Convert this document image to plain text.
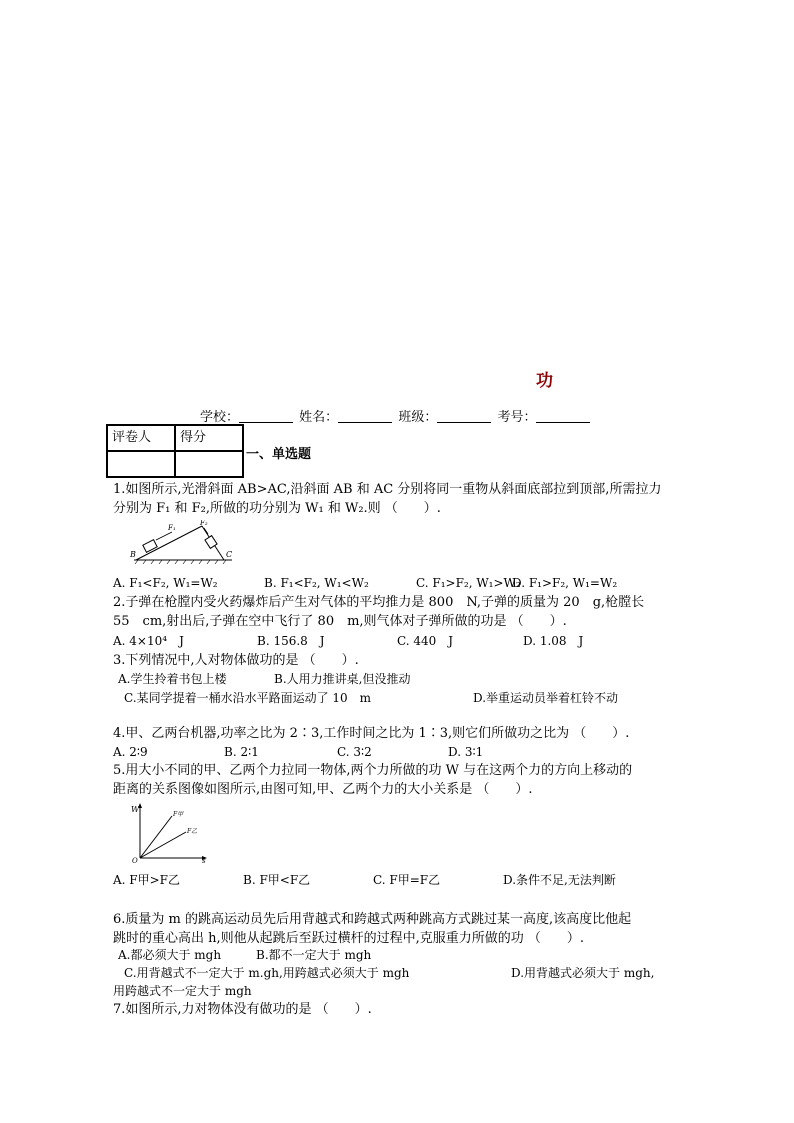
功
学校：	姓名：	班级：	考号：
评卷人	得分

一、单选题
1.如图所示,光滑斜面 AB>AC,沿斜面 AB 和 AC 分别将同一重物从斜面底部拉到顶部,所需拉力
分别为 F₁ 和 F₂,所做的功分别为 W₁ 和 W₂.则 （　　）.
B	C
F₁
F₂
A. F₁<F₂, W₁=W₂	B. F₁<F₂, W₁<W₂	C. F₁>F₂, W₁>W₂
D. F₁>F₂, W₁=W₂
2.子弹在枪膛内受火药爆炸后产生对气体的平均推力是 800　N,子弹的质量为 20　g,枪膛长
55　cm,射出后,子弹在空中飞行了 80　m,则气体对子弹所做的功是 （　　）.
A. 4×10⁴　J	B. 156.8　J	C. 440　J	D. 1.08　J
3.下列情况中,人对物体做功的是 （　　）.
A.学生拎着书包上楼	B.人用力推讲桌,但没推动
C.某同学提着一桶水沿水平路面运动了 10　m	D.举重运动员举着杠铃不动
4.甲、乙两台机器,功率之比为 2∶3,工作时间之比为 1∶3,则它们所做功之比为 （　　）.
A. 2∶9	B. 2∶1	C. 3∶2	D. 3∶1
5.用大小不同的甲、乙两个力拉同一物体,两个力所做的功 W 与在这两个力的方向上移动的
距离的关系图像如图所示,由图可知,甲、乙两个力的大小关系是 （　　）.
W
s
O
F甲
F乙
A. F甲>F乙	B. F甲<F乙	C. F甲=F乙	D.条件不足,无法判断
6.质量为 m 的跳高运动员先后用背越式和跨越式两种跳高方式跳过某一高度,该高度比他起
跳时的重心高出 h,则他从起跳后至跃过横杆的过程中,克服重力所做的功 （　　）.
A.都必须大于 mgh	B.都不一定大于 mgh
C.用背越式不一定大于 m.gh,用跨越式必须大于 mgh	D.用背越式必须大于 mgh,
用跨越式不一定大于 mgh
7.如图所示,力对物体没有做功的是 （　　）.
